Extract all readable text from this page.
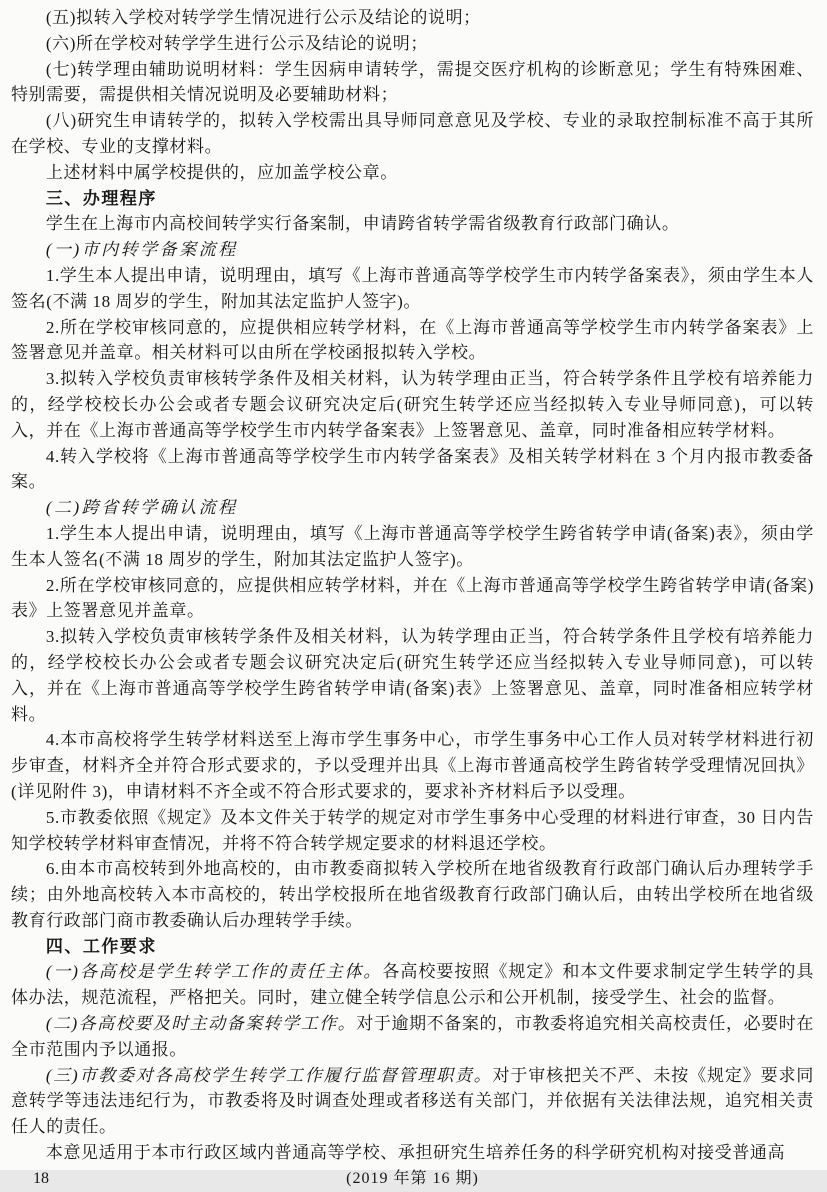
(五)拟转入学校对转学学生情况进行公示及结论的说明；

(六)所在学校对转学学生进行公示及结论的说明；

(七)转学理由辅助说明材料：学生因病申请转学，需提交医疗机构的诊断意见；学生有特殊困难、特别需要，需提供相关情况说明及必要辅助材料；

(八)研究生申请转学的，拟转入学校需出具导师同意意见及学校、专业的录取控制标准不高于其所在学校、专业的支撑材料。

上述材料中属学校提供的，应加盖学校公章。

三、办理程序

学生在上海市内高校间转学实行备案制，申请跨省转学需省级教育行政部门确认。

(一)市内转学备案流程

1.学生本人提出申请，说明理由，填写《上海市普通高等学校学生市内转学备案表》，须由学生本人签名(不满 18 周岁的学生，附加其法定监护人签字)。

2.所在学校审核同意的，应提供相应转学材料，在《上海市普通高等学校学生市内转学备案表》上签署意见并盖章。相关材料可以由所在学校函报拟转入学校。

3.拟转入学校负责审核转学条件及相关材料，认为转学理由正当，符合转学条件且学校有培养能力的，经学校校长办公会或者专题会议研究决定后(研究生转学还应当经拟转入专业导师同意)，可以转入，并在《上海市普通高等学校学生市内转学备案表》上签署意见、盖章，同时准备相应转学材料。

4.转入学校将《上海市普通高等学校学生市内转学备案表》及相关转学材料在 3 个月内报市教委备案。

(二)跨省转学确认流程

1.学生本人提出申请，说明理由，填写《上海市普通高等学校学生跨省转学申请(备案)表》，须由学生本人签名(不满 18 周岁的学生，附加其法定监护人签字)。

2.所在学校审核同意的，应提供相应转学材料，并在《上海市普通高等学校学生跨省转学申请(备案)表》上签署意见并盖章。

3.拟转入学校负责审核转学条件及相关材料，认为转学理由正当，符合转学条件且学校有培养能力的，经学校校长办公会或者专题会议研究决定后(研究生转学还应当经拟转入专业导师同意)，可以转入，并在《上海市普通高等学校学生跨省转学申请(备案)表》上签署意见、盖章，同时准备相应转学材料。

4.本市高校将学生转学材料送至上海市学生事务中心，市学生事务中心工作人员对转学材料进行初步审查，材料齐全并符合形式要求的，予以受理并出具《上海市普通高校学生跨省转学受理情况回执》(详见附件 3)，申请材料不齐全或不符合形式要求的，要求补齐材料后予以受理。

5.市教委依照《规定》及本文件关于转学的规定对市学生事务中心受理的材料进行审查，30 日内告知学校转学材料审查情况，并将不符合转学规定要求的材料退还学校。

6.由本市高校转到外地高校的，由市教委商拟转入学校所在地省级教育行政部门确认后办理转学手续；由外地高校转入本市高校的，转出学校报所在地省级教育行政部门确认后，由转出学校所在地省级教育行政部门商市教委确认后办理转学手续。

四、工作要求

(一)各高校是学生转学工作的责任主体。各高校要按照《规定》和本文件要求制定学生转学的具体办法，规范流程，严格把关。同时，建立健全转学信息公示和公开机制，接受学生、社会的监督。

(二)各高校要及时主动备案转学工作。对于逾期不备案的，市教委将追究相关高校责任，必要时在全市范围内予以通报。

(三)市教委对各高校学生转学工作履行监督管理职责。对于审核把关不严、未按《规定》要求同意转学等违法违纪行为，市教委将及时调查处理或者移送有关部门，并依据有关法律法规，追究相关责任人的责任。

本意见适用于本市行政区域内普通高等学校、承担研究生培养任务的科学研究机构对接受普通高

18	(2019 年第 16 期)
